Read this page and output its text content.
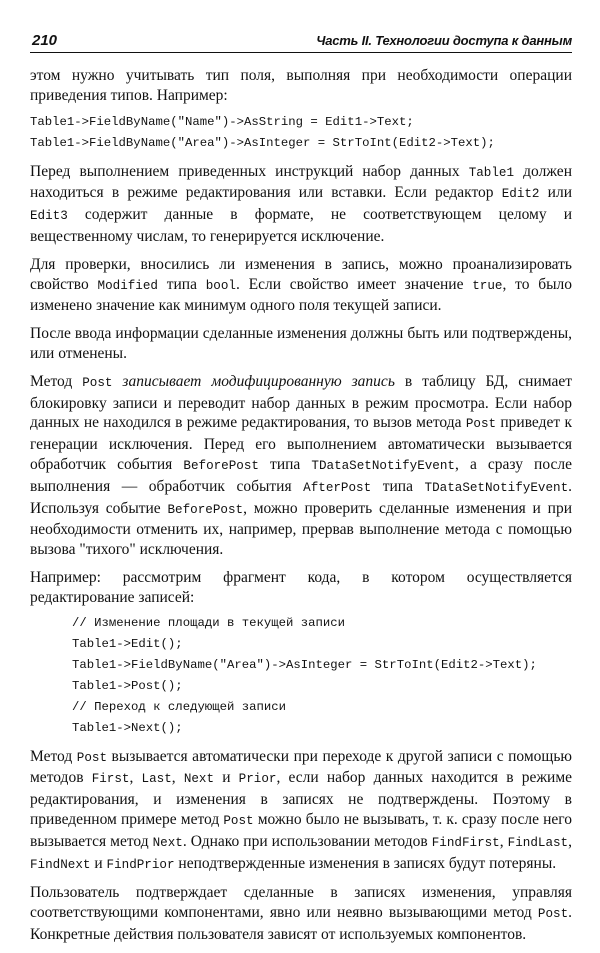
210	Часть II. Технологии доступа к данным

этом нужно учитывать тип поля, выполняя при необходимости операции приведения типов. Например:

Table1->FieldByName("Name")->AsString = Edit1->Text;
Table1->FieldByName("Area")->AsInteger = StrToInt(Edit2->Text);

Перед выполнением приведенных инструкций набор данных Table1 должен находиться в режиме редактирования или вставки. Если редактор Edit2 или Edit3 содержит данные в формате, не соответствующем целому и вещественному числам, то генерируется исключение.

Для проверки, вносились ли изменения в запись, можно проанализировать свойство Modified типа bool. Если свойство имеет значение true, то было изменено значение как минимум одного поля текущей записи.

После ввода информации сделанные изменения должны быть или подтверждены, или отменены.

Метод Post записывает модифицированную запись в таблицу БД, снимает блокировку записи и переводит набор данных в режим просмотра. Если набор данных не находился в режиме редактирования, то вызов метода Post приведет к генерации исключения. Перед его выполнением автоматически вызывается обработчик события BeforePost типа TDataSetNotifyEvent, а сразу после выполнения — обработчик события AfterPost типа TDataSetNotifyEvent. Используя событие BeforePost, можно проверить сделанные изменения и при необходимости отменить их, например, прервав выполнение метода с помощью вызова "тихого" исключения.

Например: рассмотрим фрагмент кода, в котором осуществляется редактирование записей:

// Изменение площади в текущей записи
Table1->Edit();
Table1->FieldByName("Area")->AsInteger = StrToInt(Edit2->Text);
Table1->Post();
// Переход к следующей записи
Table1->Next();

Метод Post вызывается автоматически при переходе к другой записи с помощью методов First, Last, Next и Prior, если набор данных находится в режиме редактирования, и изменения в записях не подтверждены. Поэтому в приведенном примере метод Post можно было не вызывать, т. к. сразу после него вызывается метод Next. Однако при использовании методов FindFirst, FindLast, FindNext и FindPrior неподтвержденные изменения в записях будут потеряны.

Пользователь подтверждает сделанные в записях изменения, управляя соответствующими компонентами, явно или неявно вызывающими метод Post. Конкретные действия пользователя зависят от используемых компонентов.
